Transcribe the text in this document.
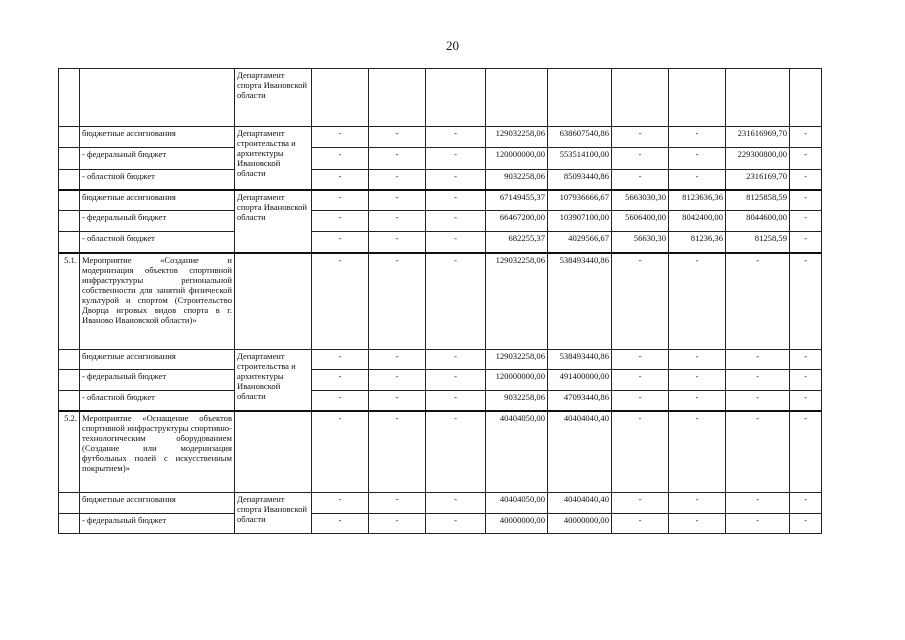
20
		Департамент спорта Ивановской области									
	бюджетные ассигнования	Департамент строительства и архитектуры Ивановской области	-	-	-	129032258,06	638607540,86	-	-	231616969,70	-
	- федеральный бюджет		-	-	-	120000000,00	553514100,00	-	-	229300800,00	-
	- областной бюджет		-	-	-	9032258,06	85093440,86	-	-	2316169,70	-
	бюджетные ассигнования	Департамент спорта Ивановской области	-	-	-	67149455,37	107936666,67	5663030,30	8123636,36	8125858,59	-
	- федеральный бюджет		-	-	-	66467200,00	103907100,00	5606400,00	8042400,00	8044600,00	-
	- областной бюджет		-	-	-	682255,37	4029566,67	56630,30	81236,36	81258,59	-
5.1.	Мероприятие «Создание и модернизация объектов спортивной инфраструктуры региональной собственности для занятий физической культурой и спортом (Строительство Дворца игровых видов спорта в г. Иваново Ивановской области)»		-	-	-	129032258,06	538493440,86	-	-	-	-
	бюджетные ассигнования	Департамент строительства и архитектуры Ивановской области	-	-	-	129032258,06	538493440,86	-	-	-	-
	- федеральный бюджет		-	-	-	120000000,00	491400000,00	-	-	-	-
	- областной бюджет		-	-	-	9032258,06	47093440,86	-	-	-	-
5.2.	Мероприятие «Оснащение объектов спортивной инфраструктуры спортивно-технологическим оборудованием (Создание или модернизация футбольных полей с искусственным покрытием)»		-	-	-	40404050,00	40404040,40	-	-	-	-
	бюджетные ассигнования	Департамент спорта Ивановской области	-	-	-	40404050,00	40404040,40	-	-	-	-
	- федеральный бюджет		-	-	-	40000000,00	40000000,00	-	-	-	-
